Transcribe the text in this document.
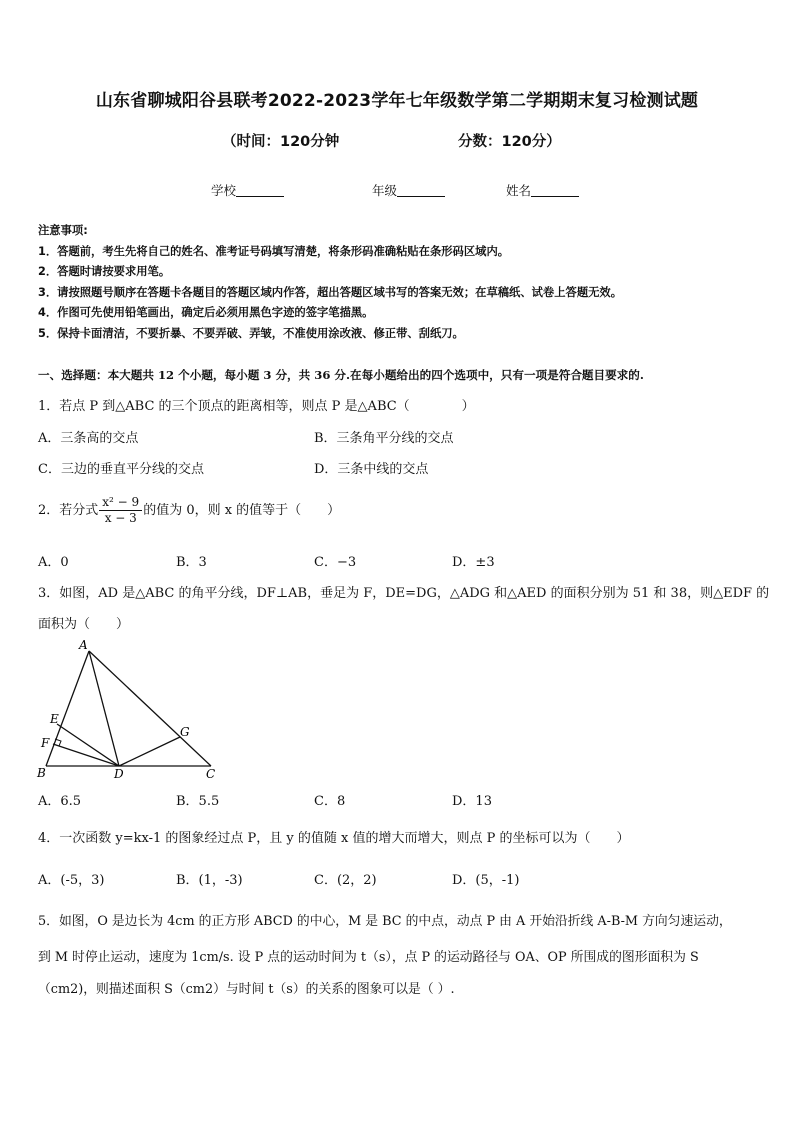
山东省聊城阳谷县联考2022-2023学年七年级数学第二学期期末复习检测试题
（时间：120分钟	分数：120分）
学校	年级	姓名
注意事项:
1．答题前，考生先将自己的姓名、准考证号码填写清楚，将条形码准确粘贴在条形码区域内。
2．答题时请按要求用笔。
3．请按照题号顺序在答题卡各题目的答题区域内作答，超出答题区域书写的答案无效；在草稿纸、试卷上答题无效。
4．作图可先使用铅笔画出，确定后必须用黑色字迹的签字笔描黑。
5．保持卡面清洁，不要折暴、不要弄破、弄皱，不准使用涂改液、修正带、刮纸刀。
一、选择题：本大题共 12 个小题，每小题 3 分，共 36 分.在每小题给出的四个选项中，只有一项是符合题目要求的.
1．若点 P 到△ABC 的三个顶点的距离相等，则点 P 是△ABC（　　　　）
A．三条高的交点	B．三条角平分线的交点
C．三边的垂直平分线的交点	D．三条中线的交点
2．若分式 $\frac{\text{x² − 9}}{x - 3}$ 的值为 0，则 x 的值等于（　　）
A．0	B．3	C．−3	D．±3
3．如图，AD 是△ABC 的角平分线，DF⊥AB，垂足为 F，DE=DG，△ADG 和△AED 的面积分别为 51 和 38，则△EDF 的
面积为（　　）
A
E
F
B	D
G
C
A．6.5	B．5.5	C．8	D．13
4．一次函数 y=kx-1 的图象经过点 P，且 y 的值随 x 值的增大而增大，则点 P 的坐标可以为（　　）
A．(-5，3)	B．(1，-3)	C．(2，2)	D．(5，-1)
5．如图，O 是边长为 4cm 的正方形 ABCD 的中心，M 是 BC 的中点，动点 P 由 A 开始沿折线 A-B-M 方向匀速运动，
到 M 时停止运动，速度为 1cm/s. 设 P 点的运动时间为 t（s），点 P 的运动路径与 OA、OP 所围成的图形面积为 S
（cm2)，则描述面积 S（cm2）与时间 t（s）的关系的图象可以是（ ）.
